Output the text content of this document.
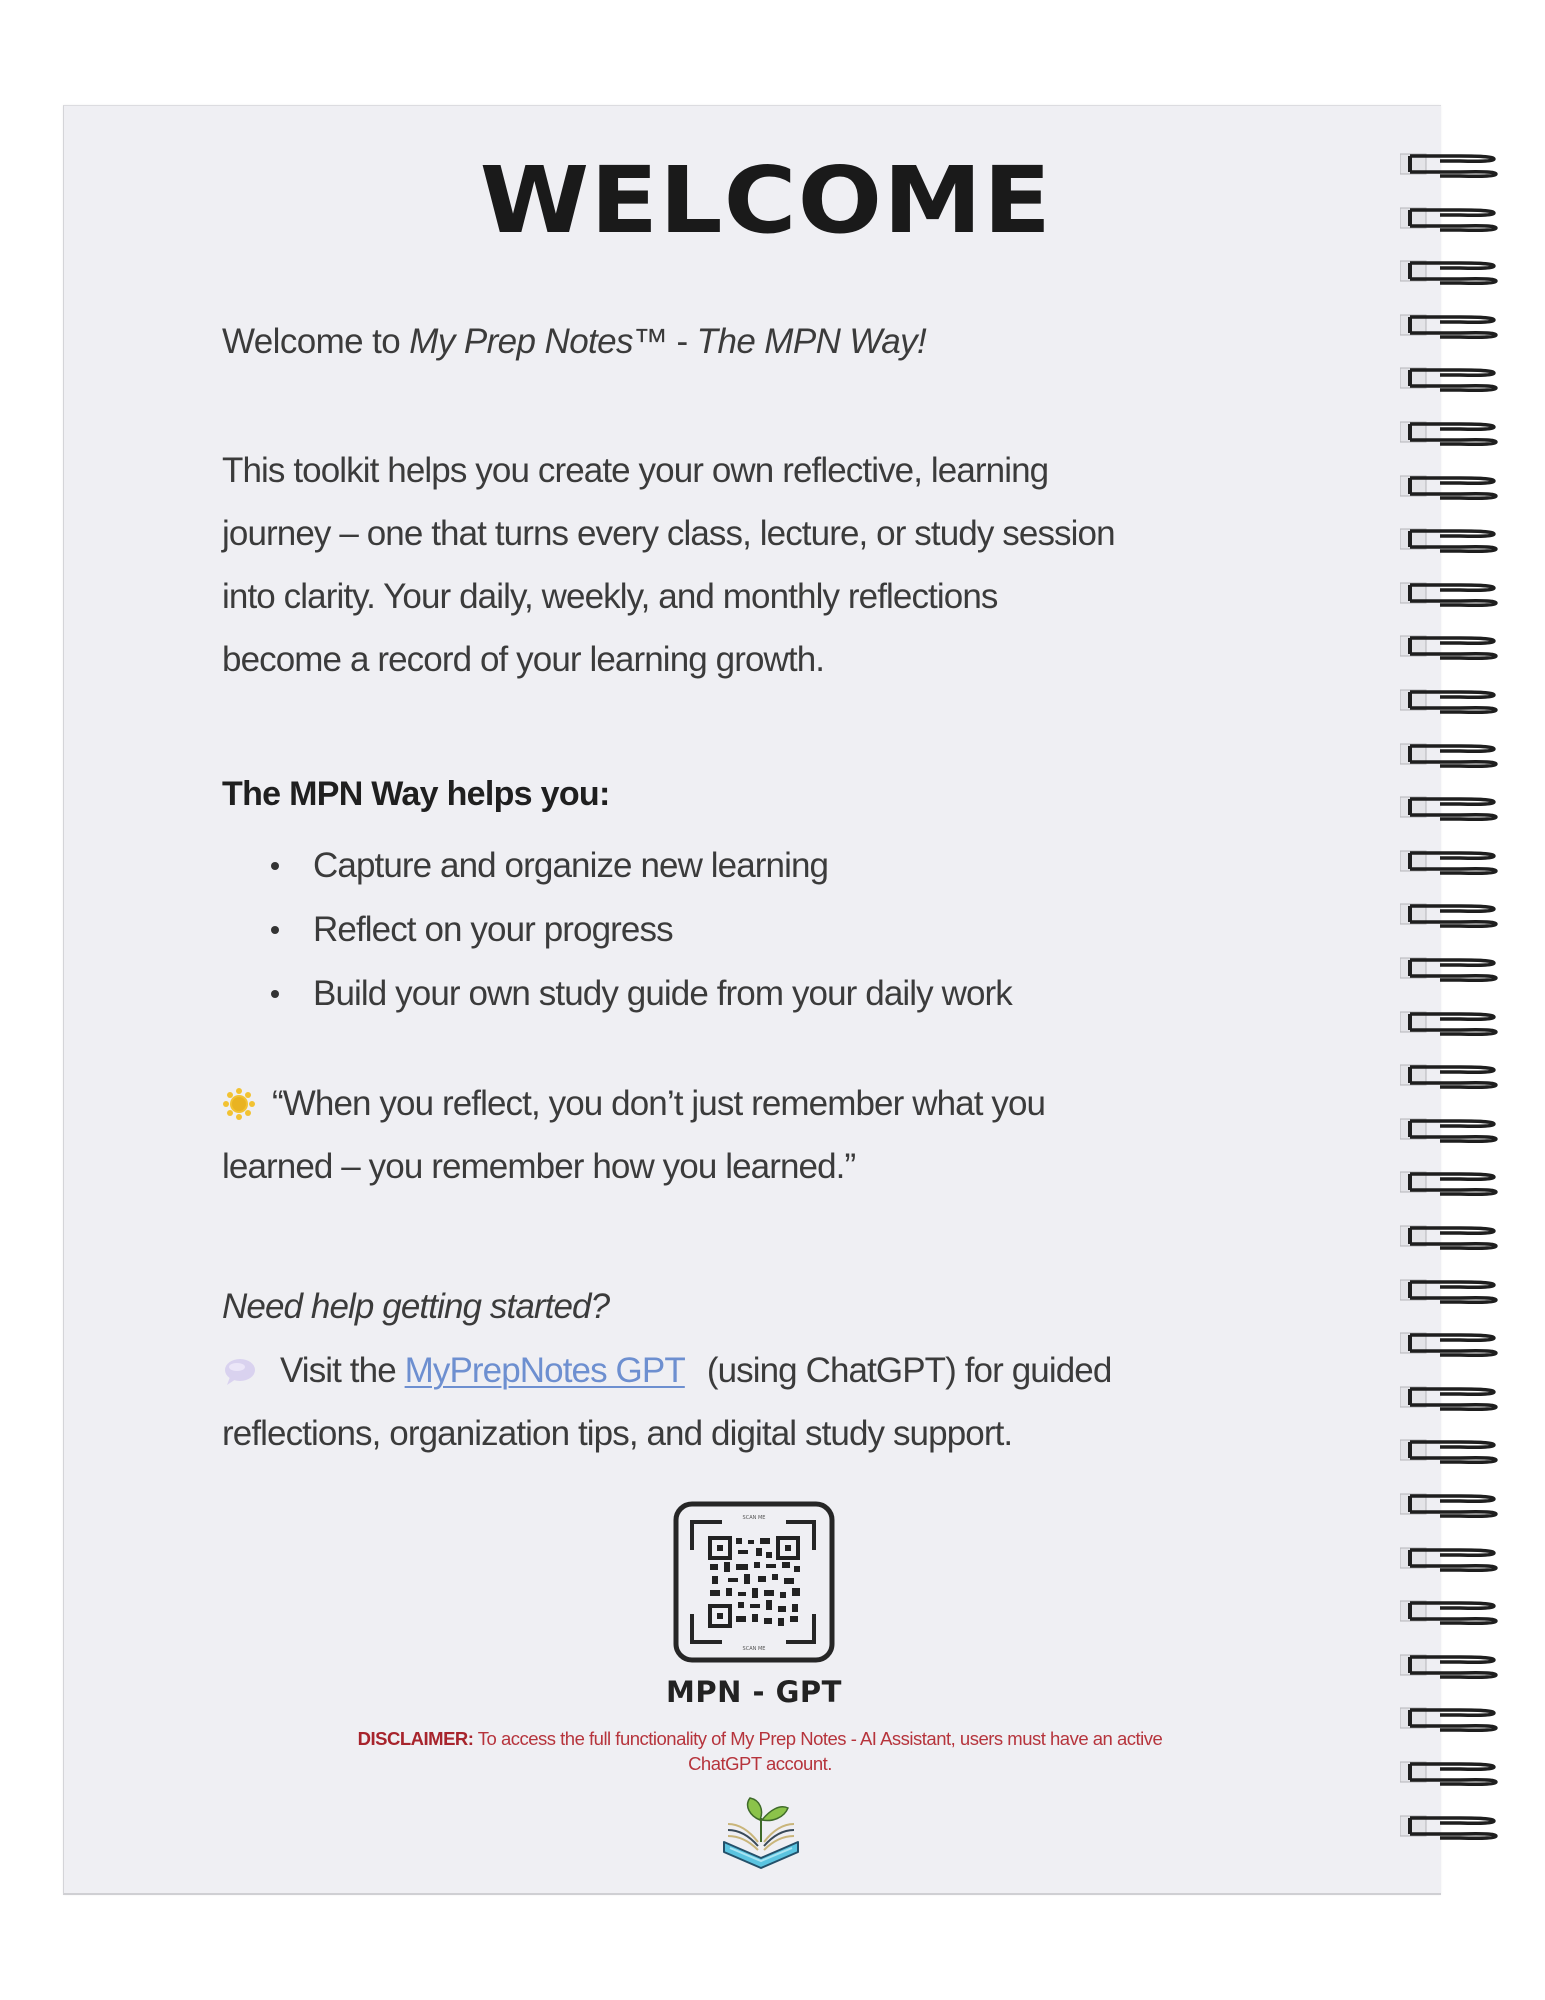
WELCOME
Welcome to My Prep Notes™ - The MPN Way!
This toolkit helps you create your own reflective, learning
journey – one that turns every class, lecture, or study session
into clarity. Your daily, weekly, and monthly reflections
become a record of your learning growth.
The MPN Way helps you:
Capture and organize new learning
Reflect on your progress
Build your own study guide from your daily work
“When you reflect, you don’t just remember what you
learned – you remember how you learned.”
Need help getting started?
Visit the
MyPrepNotes GPT (using ChatGPT) for guided
reflections, organization tips, and digital study support.
SCAN ME
SCAN ME
MPN - GPT
DISCLAIMER: To access the full functionality of My Prep Notes - AI Assistant, users must have an active
ChatGPT account.
